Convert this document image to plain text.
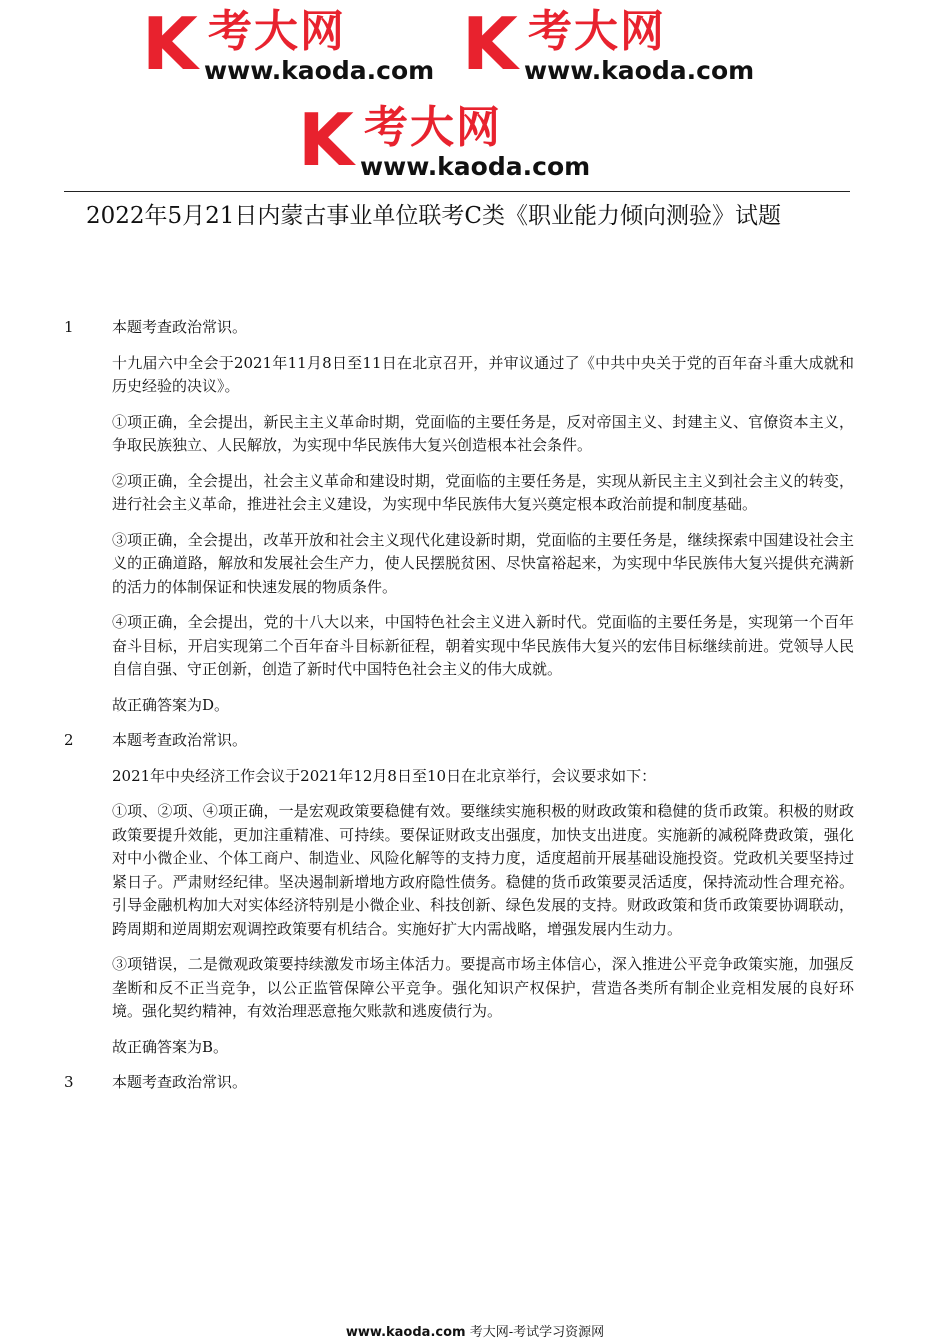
K 考大网
www.kaoda.com K 考大网
www.kaoda.com
K 考大网
www.kaoda.com
2022年5月21日内蒙古事业单位联考C类《职业能力倾向测验》试题
1	本题考查政治常识。

十九届六中全会于2021年11月8日至11日在北京召开，并审议通过了《中共中央关于党的百年奋斗重大成就和历史经验的决议》。

①项正确，全会提出，新民主主义革命时期，党面临的主要任务是，反对帝国主义、封建主义、官僚资本主义，争取民族独立、人民解放，为实现中华民族伟大复兴创造根本社会条件。

②项正确，全会提出，社会主义革命和建设时期，党面临的主要任务是，实现从新民主主义到社会主义的转变，进行社会主义革命，推进社会主义建设，为实现中华民族伟大复兴奠定根本政治前提和制度基础。

③项正确，全会提出，改革开放和社会主义现代化建设新时期，党面临的主要任务是，继续探索中国建设社会主义的正确道路，解放和发展社会生产力，使人民摆脱贫困、尽快富裕起来，为实现中华民族伟大复兴提供充满新的活力的体制保证和快速发展的物质条件。

④项正确，全会提出，党的十八大以来，中国特色社会主义进入新时代。党面临的主要任务是，实现第一个百年奋斗目标，开启实现第二个百年奋斗目标新征程，朝着实现中华民族伟大复兴的宏伟目标继续前进。党领导人民自信自强、守正创新，创造了新时代中国特色社会主义的伟大成就。

故正确答案为D。

2	本题考查政治常识。

2021年中央经济工作会议于2021年12月8日至10日在北京举行，会议要求如下：

①项、②项、④项正确，一是宏观政策要稳健有效。要继续实施积极的财政政策和稳健的货币政策。积极的财政政策要提升效能，更加注重精准、可持续。要保证财政支出强度，加快支出进度。实施新的减税降费政策，强化对中小微企业、个体工商户、制造业、风险化解等的支持力度，适度超前开展基础设施投资。党政机关要坚持过紧日子。严肃财经纪律。坚决遏制新增地方政府隐性债务。稳健的货币政策要灵活适度，保持流动性合理充裕。引导金融机构加大对实体经济特别是小微企业、科技创新、绿色发展的支持。财政政策和货币政策要协调联动，跨周期和逆周期宏观调控政策要有机结合。实施好扩大内需战略，增强发展内生动力。

③项错误，二是微观政策要持续激发市场主体活力。要提高市场主体信心，深入推进公平竞争政策实施，加强反垄断和反不正当竞争，以公正监管保障公平竞争。强化知识产权保护，营造各类所有制企业竞相发展的良好环境。强化契约精神，有效治理恶意拖欠账款和逃废债行为。

故正确答案为B。

3	本题考查政治常识。
www.kaoda.com 考大网-考试学习资源网
